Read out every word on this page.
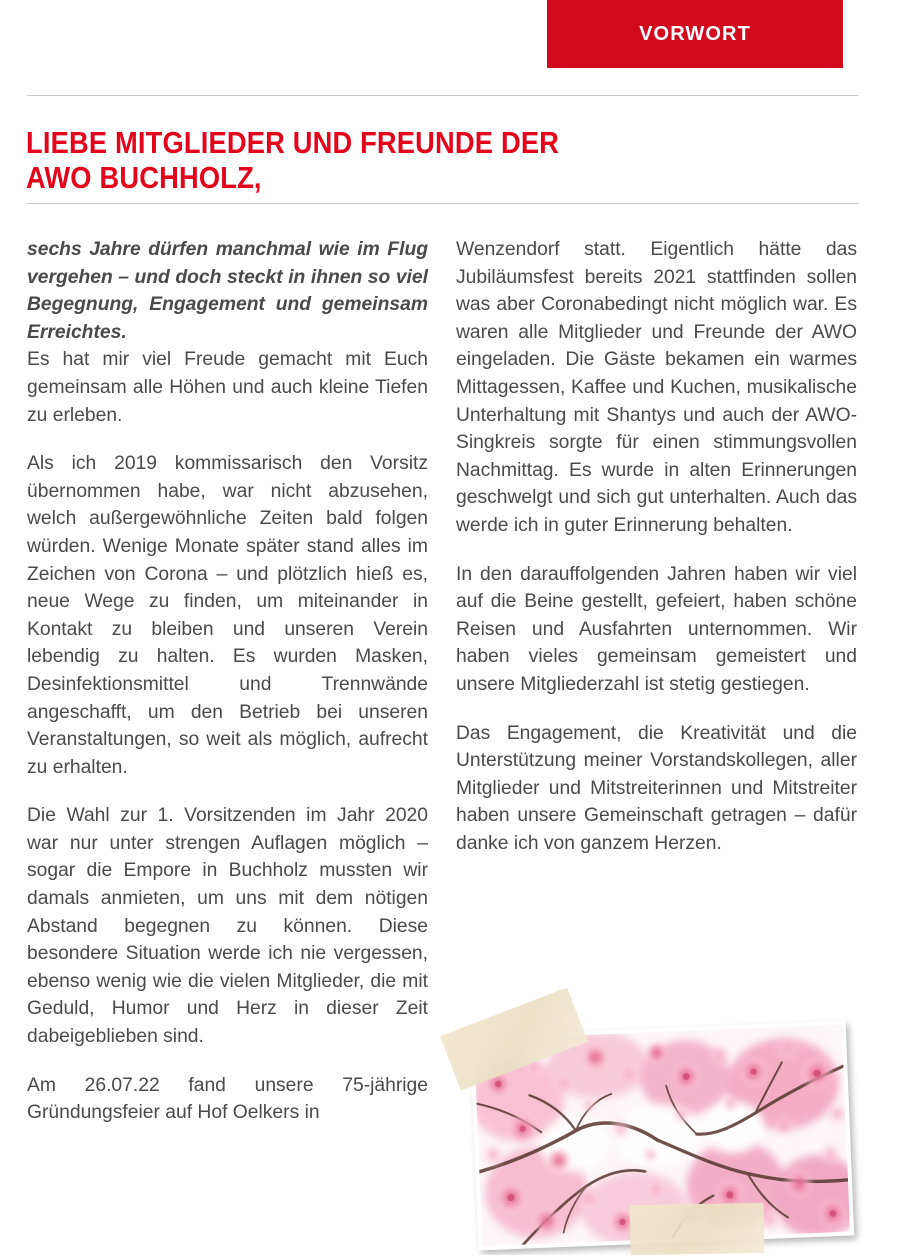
VORWORT
LIEBE MITGLIEDER UND FREUNDE DER
AWO BUCHHOLZ,

sechs Jahre dürfen manchmal wie im Flug vergehen – und doch steckt in ihnen so viel Begegnung, Engagement und gemeinsam Erreichtes.

Es hat mir viel Freude gemacht mit Euch gemeinsam alle Höhen und auch kleine Tiefen zu erleben.

Als ich 2019 kommissarisch den Vorsitz übernommen habe, war nicht abzusehen, welch außergewöhnliche Zeiten bald folgen würden. Wenige Monate später stand alles im Zeichen von Corona – und plötzlich hieß es, neue Wege zu finden, um miteinander in Kontakt zu bleiben und unseren Verein lebendig zu halten. Es wurden Masken, Desinfektionsmittel und Trennwände angeschafft, um den Betrieb bei unseren Veranstaltungen, so weit als möglich, aufrecht zu erhalten.

Die Wahl zur 1. Vorsitzenden im Jahr 2020 war nur unter strengen Auflagen möglich – sogar die Empore in Buchholz mussten wir damals anmieten, um uns mit dem nötigen Abstand begegnen zu können. Diese besondere Situation werde ich nie vergessen, ebenso wenig wie die vielen Mitglieder, die mit Geduld, Humor und Herz in dieser Zeit dabeigeblieben sind.

Am 26.07.22 fand unsere 75-jährige Gründungsfeier auf Hof Oelkers in

Wenzendorf statt. Eigentlich hätte das Jubiläumsfest bereits 2021 stattfinden sollen was aber Coronabedingt nicht möglich war. Es waren alle Mitglieder und Freunde der AWO eingeladen. Die Gäste bekamen ein warmes Mittagessen, Kaffee und Kuchen, musikalische Unterhaltung mit Shantys und auch der AWO-Singkreis sorgte für einen stimmungsvollen Nachmittag. Es wurde in alten Erinnerungen geschwelgt und sich gut unterhalten. Auch das werde ich in guter Erinnerung behalten.

In den darauffolgenden Jahren haben wir viel auf die Beine gestellt, gefeiert, haben schöne Reisen und Ausfahrten unternommen. Wir haben vieles gemeinsam gemeistert und unsere Mitgliederzahl ist stetig gestiegen.

Das Engagement, die Kreativität und die Unterstützung meiner Vorstandskollegen, aller Mitglieder und Mitstreiterinnen und Mitstreiter haben unsere Gemeinschaft getragen – dafür danke ich von ganzem Herzen.
